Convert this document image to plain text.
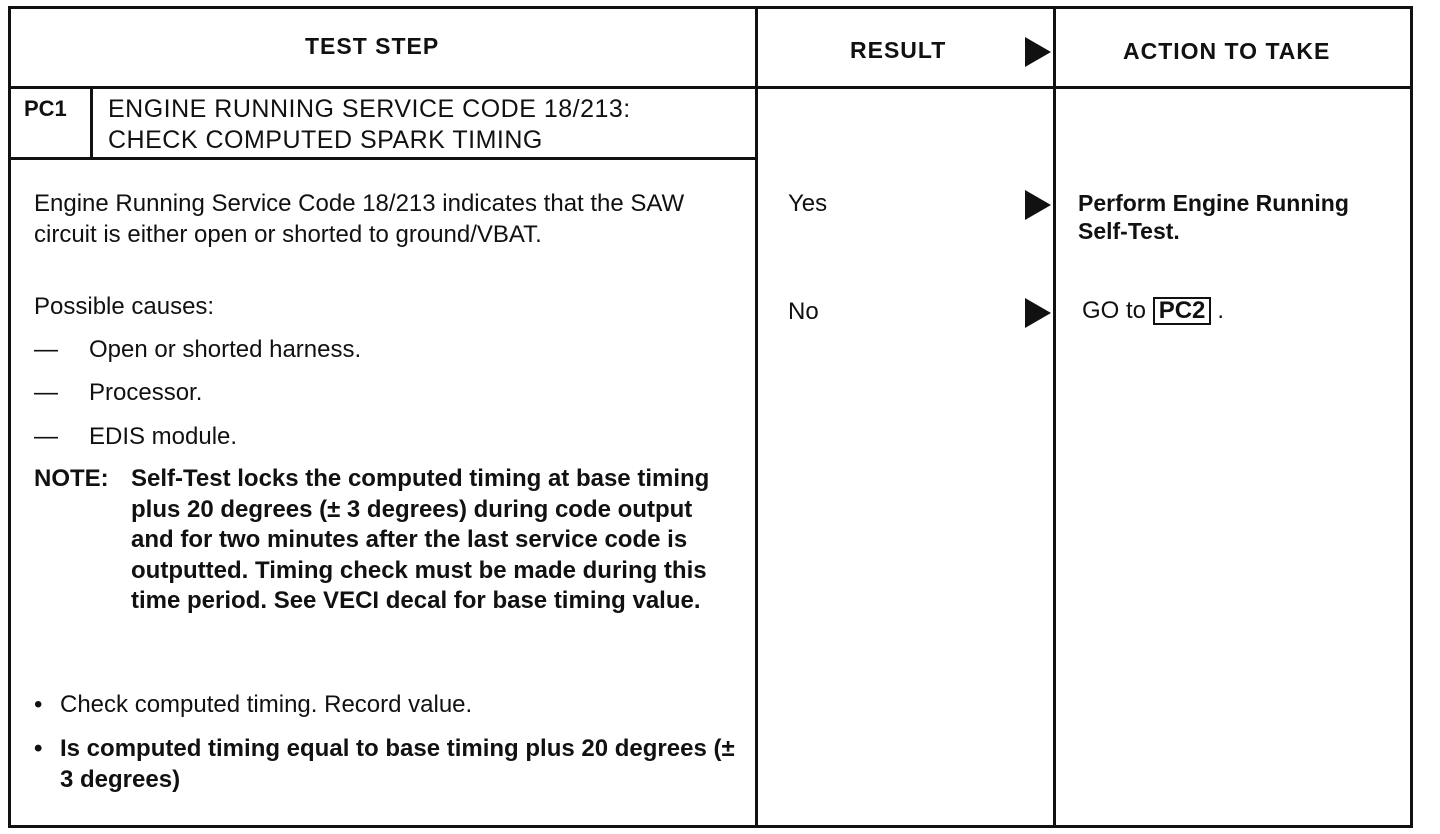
TEST STEP	RESULT	ACTION TO TAKE
PC1 ENGINE RUNNING SERVICE CODE 18/213:
CHECK COMPUTED SPARK TIMING
Engine Running Service Code 18/213 indicates that the SAW circuit is either open or shorted to ground/VBAT.
Possible causes:
— Open or shorted harness.
— Processor.
— EDIS module.
NOTE: Self-Test locks the computed timing at base timing plus 20 degrees (± 3 degrees) during code output and for two minutes after the last service code is outputted. Timing check must be made during this time period. See VECI decal for base timing value.
• Check computed timing. Record value.
• Is computed timing equal to base timing plus 20 degrees (± 3 degrees)
Yes	Perform Engine Running Self-Test.
No	GO to PC2 .
